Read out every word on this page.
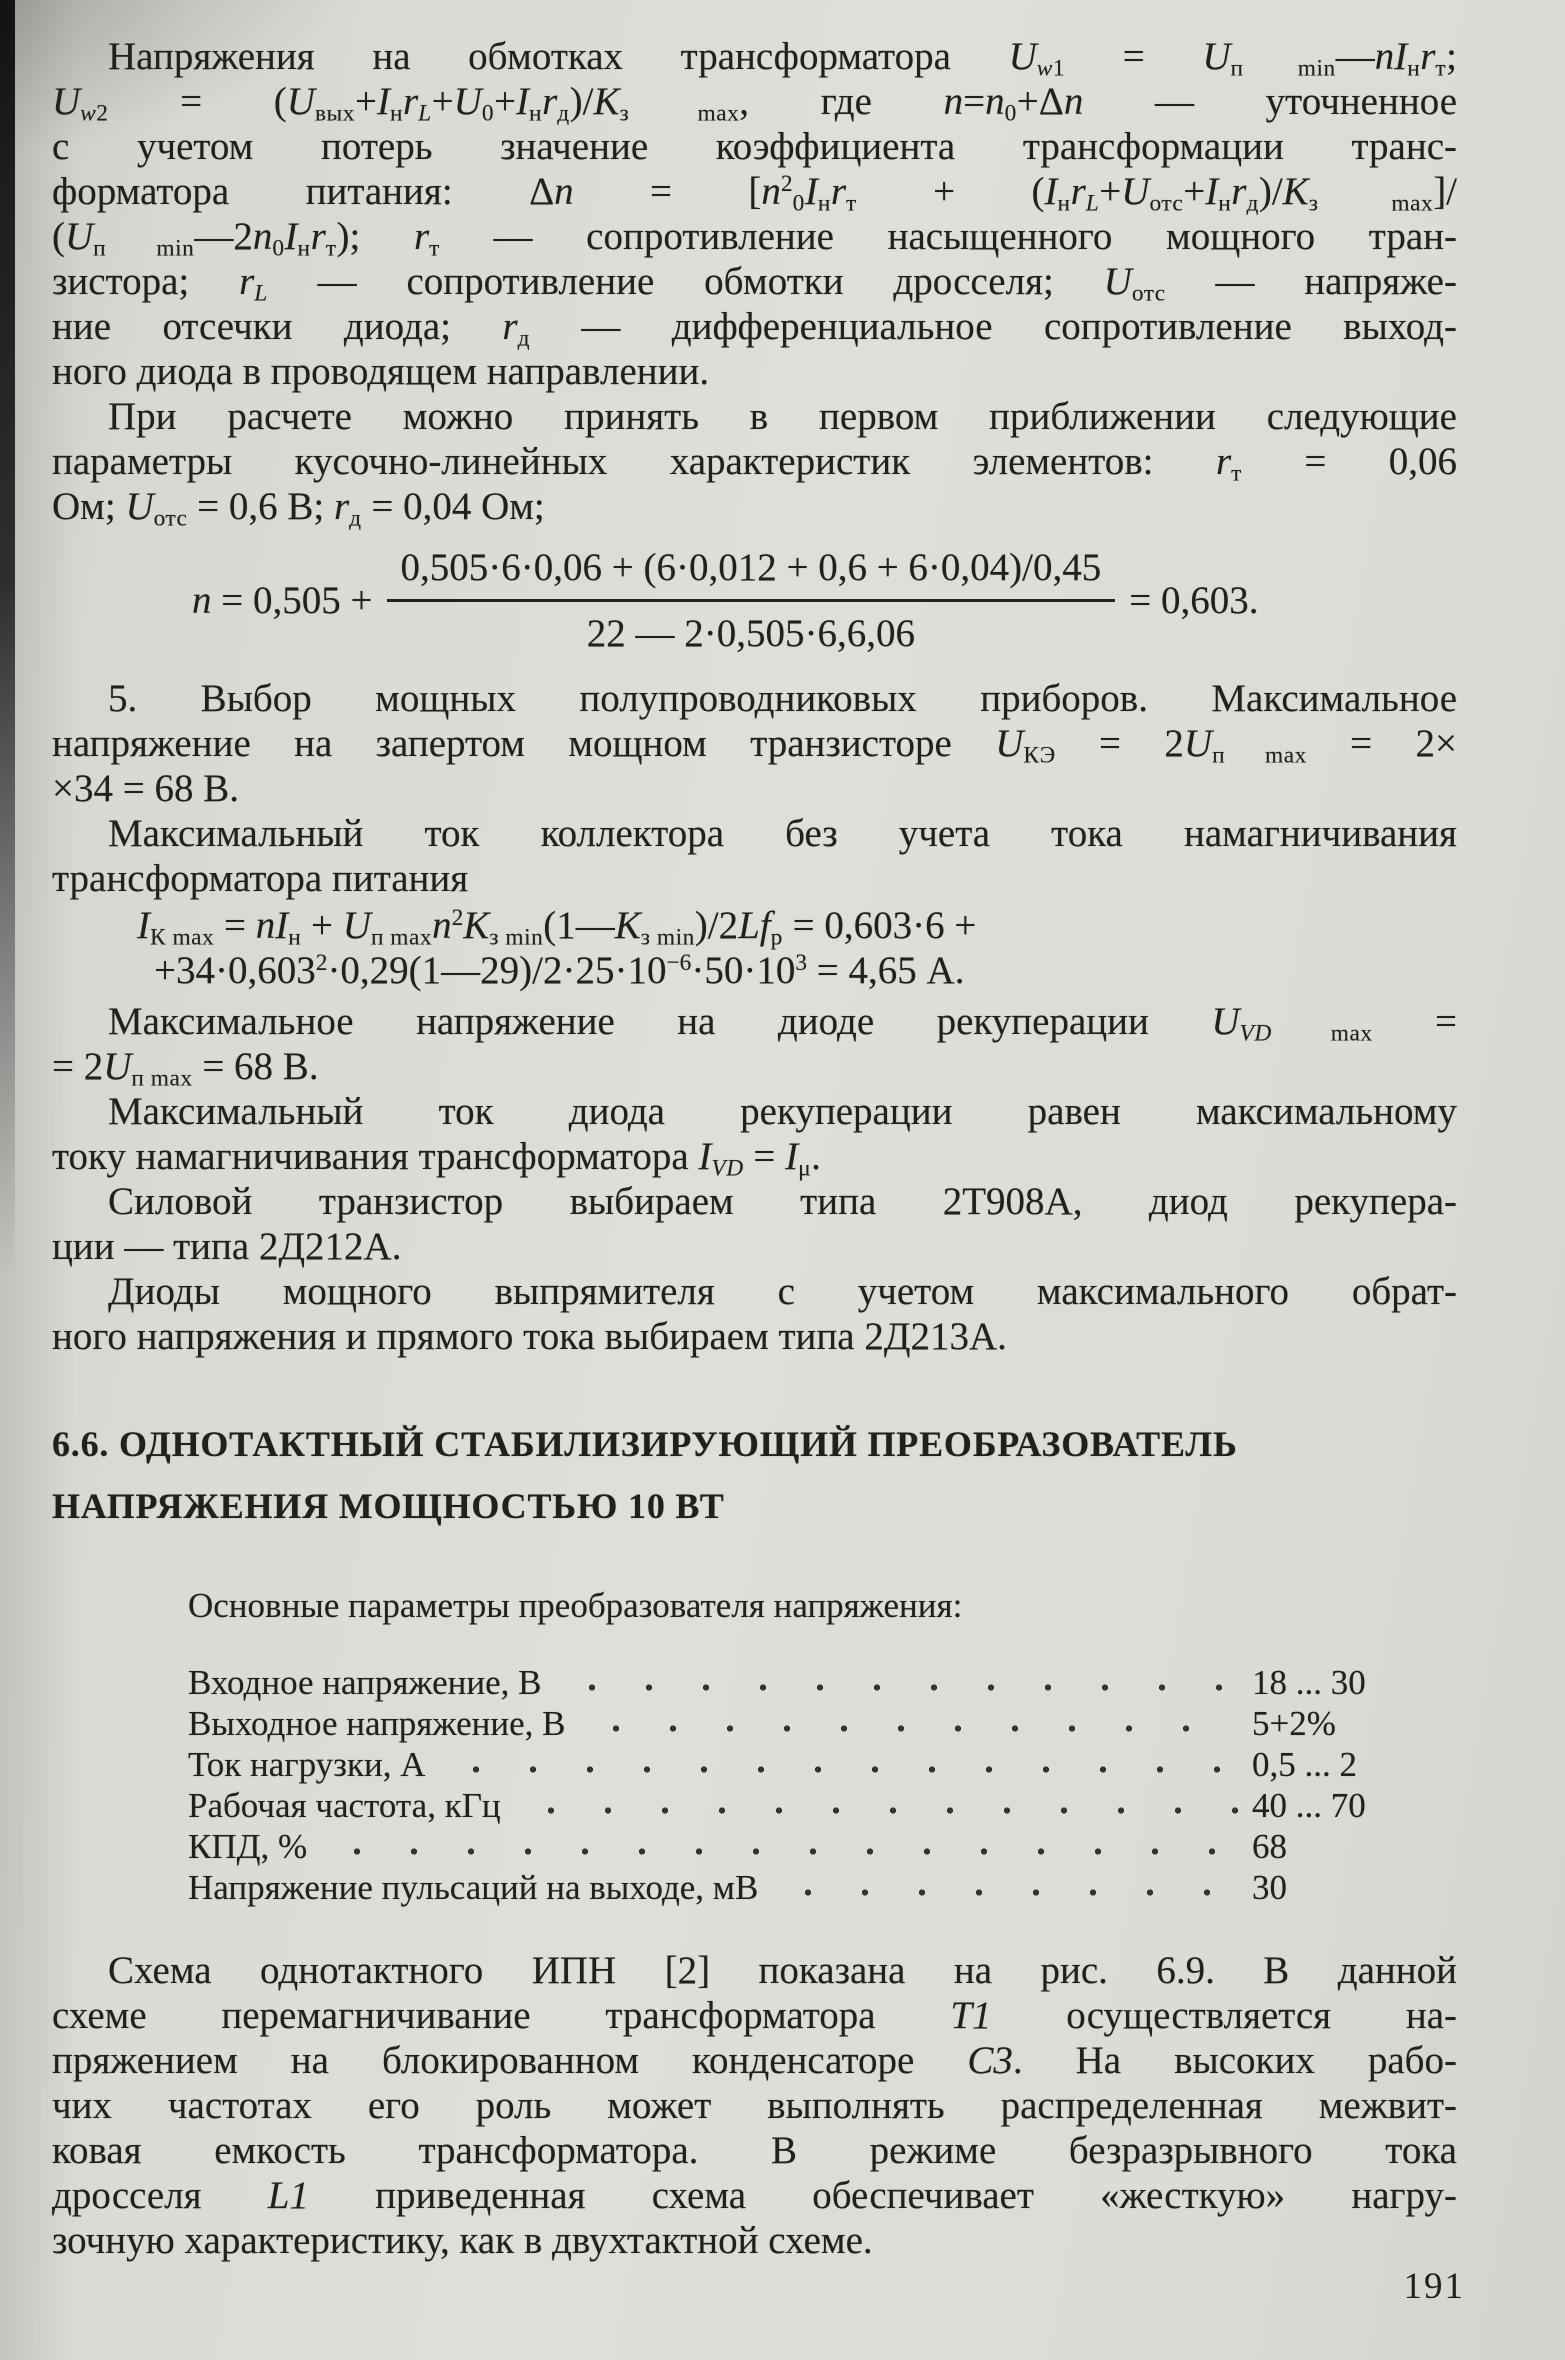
Напряжения на обмотках трансформатора $U_{w1}$ = $U_{п min}—nI_нr_т$;
$U_{w2} = (U_{вых}+I_нr_L+U_0+I_нr_д)/K_{з max}$, где $n=n_0+\Delta n$ — уточненное
с учетом потерь значение коэффициента трансформации транс-
форматора питания: $\Delta n = [n^2_0I_нr_т + (I_нr_L+U_{отс}+I_нr_д)/K_{з max}]/$
$(U_{п min}—2n_0I_нr_т)$; $r_т$ — сопротивление насыщенного мощного тран-
зистора; $r_L$ — сопротивление обмотки дросселя; $U_{отс}$ — напряже-
ние отсечки диода; $r_д$ — дифференциальное сопротивление выход-
ного диода в проводящем направлении.

При расчете можно принять в первом приближении следующие
параметры кусочно-линейных характеристик элементов: $r_т = 0,06$
Ом; $U_{отс} = 0,6$ В; $r_д = 0,04$ Ом;

$n = 0,505 + \frac{0,505\cdot 6\cdot 0,06 + (6\cdot 0,012 + 0,6 + 6\cdot 0,04)/0,45}{22 — 2\cdot 0,505\cdot 6,6,06} = 0,603$.

5. Выбор мощных полупроводниковых приборов. Максимальное
напряжение на запертом мощном транзисторе $U_{КЭ} = 2U_{п max} = 2\times$
×34 = 68 В.

Максимальный ток коллектора без учета тока намагничивания
трансформатора питания

$I_{К max} = nI_н$ + $U_{п max}n^2K_{з min}(1—K_{з min})/2Lf_р = 0,603\cdot 6$ +
$+34\cdot 0,603^2\cdot 0,29(1—29)/2\cdot 25\cdot 10^{-6}\cdot 50\cdot 10^3 = 4,65$ А.

Максимальное напряжение на диоде рекуперации $U_{VD max}$ =
= $2U_{п max} = 68$ В.

Максимальный ток диода рекуперации равен максимальному
току намагничивания трансформатора $I_{VD} = I_\mu$.

Силовой транзистор выбираем типа 2Т908А, диод рекупера-
ции — типа 2Д212А.

Диоды мощного выпрямителя с учетом максимального обрат-
ного напряжения и прямого тока выбираем типа 2Д213А.

6.6. ОДНОТАКТНЫЙ СТАБИЛИЗИРУЮЩИЙ ПРЕОБРАЗОВАТЕЛЬ
НАПРЯЖЕНИЯ МОЩНОСТЬЮ 10 ВТ
Основные параметры преобразователя напряжения:
Входное напряжение, В	18 ... 30
Выходное напряжение, В	5+2%
Ток нагрузки, А	0,5 ... 2
Рабочая частота, кГц	40 ... 70
КПД, %	68
Напряжение пульсаций на выходе, мВ	30

Схема однотактного ИПН [2] показана на рис. 6.9. В данной
схеме перемагничивание трансформатора Т1 осуществляется на-
пряжением на блокированном конденсаторе С3. На высоких рабо-
чих частотах его роль может выполнять распределенная межвит-
ковая емкость трансформатора. В режиме безразрывного тока
дросселя L1 приведенная схема обеспечивает «жесткую» нагру-
зочную характеристику, как в двухтактной схеме.

191
